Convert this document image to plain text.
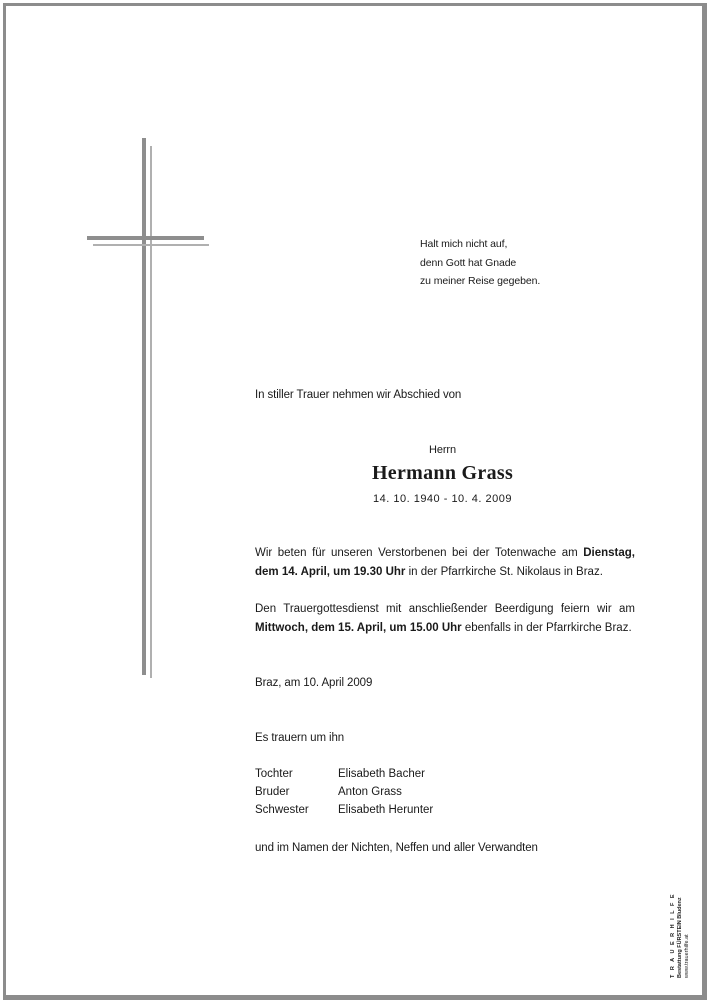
Halt mich nicht auf,
denn Gott hat Gnade
zu meiner Reise gegeben.
In stiller Trauer nehmen wir Abschied von
Herrn
Hermann Grass
14. 10. 1940 - 10. 4. 2009
Wir beten für unseren Verstorbenen bei der Totenwache am Dienstag, dem 14. April, um 19.30 Uhr in der Pfarrkirche St. Nikolaus in Braz.
Den Trauergottesdienst mit anschließender Beerdigung feiern wir am Mittwoch, dem 15. April, um 15.00 Uhr ebenfalls in der Pfarrkirche Braz.
Braz, am 10. April 2009
Es trauern um ihn
Tochter	Elisabeth Bacher
Bruder	Anton Grass
Schwester	Elisabeth Herunter
und im Namen der Nichten, Neffen und aller Verwandten
T R A U E R H I L F E Bestattung FÜRSTEIN Bludenz www.trauerhilfe.at
